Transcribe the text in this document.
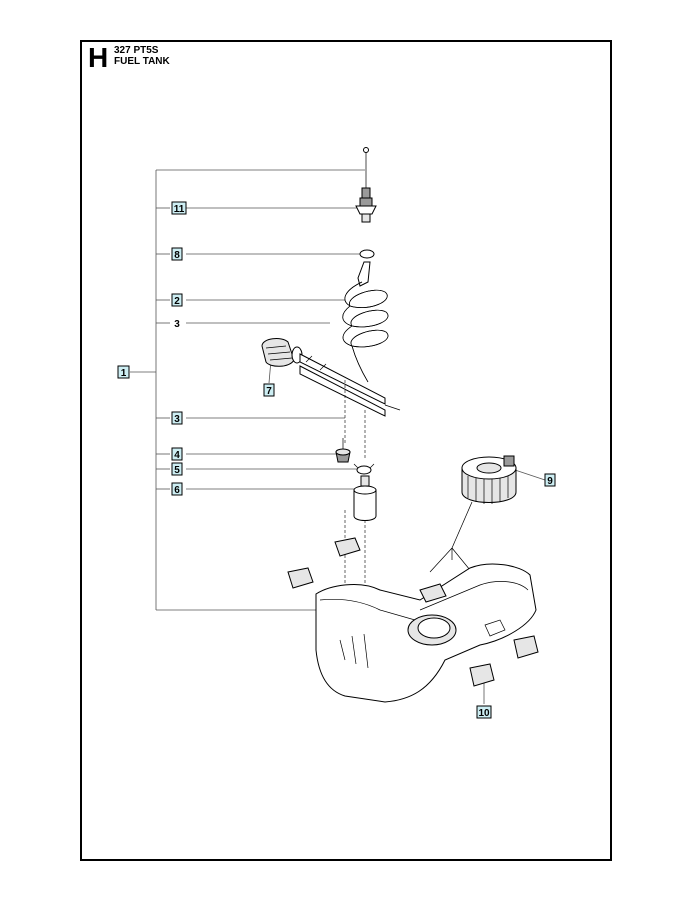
H 327 PT5S
FUEL TANK
1
11
8
2
3
7
3
4
5
6
9
10
